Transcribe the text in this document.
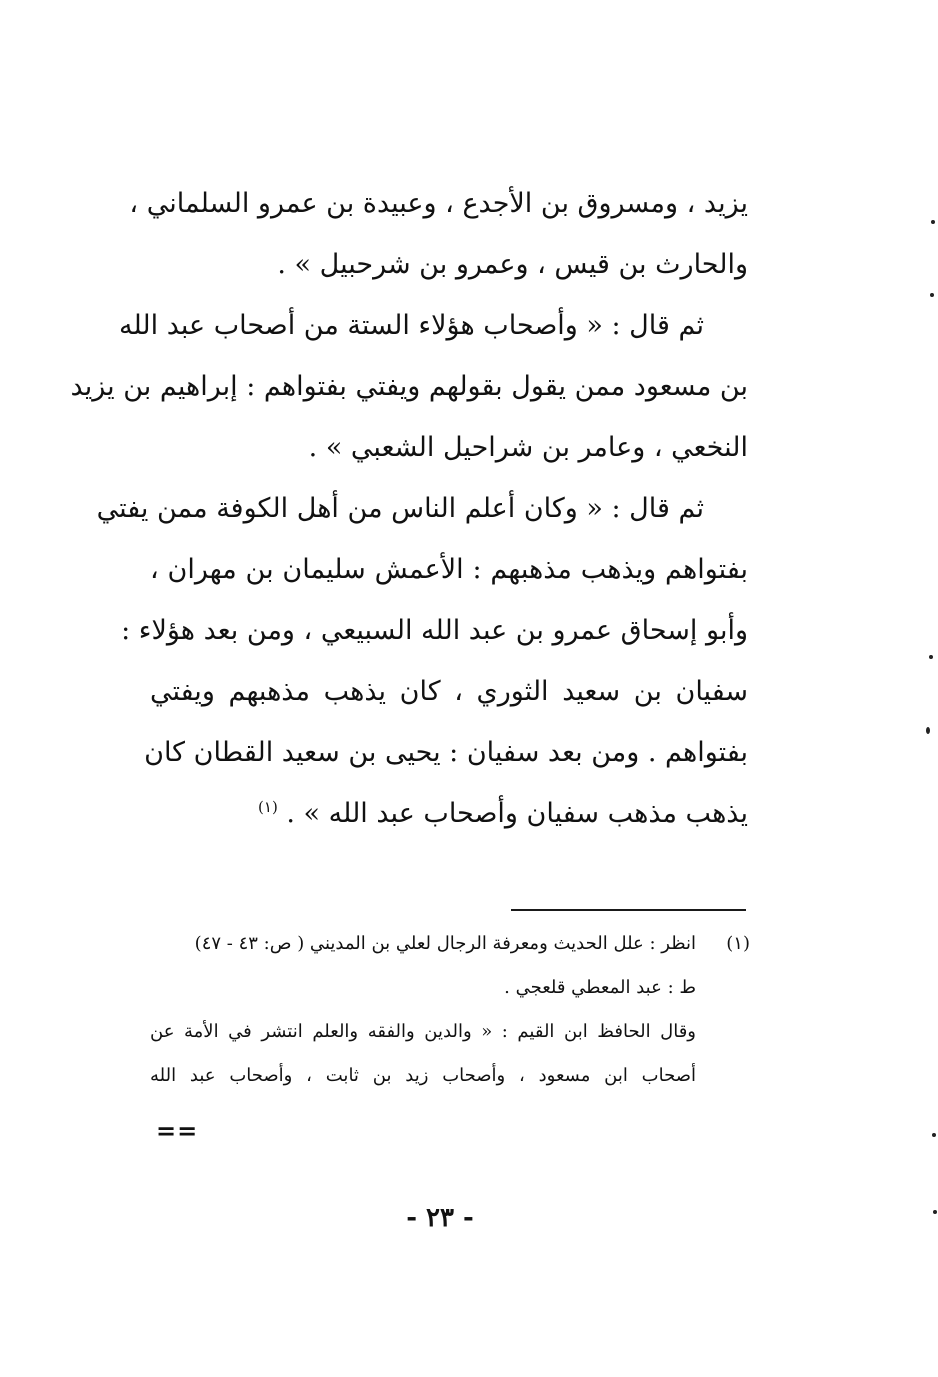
يزيد ، ومسروق بن الأجدع ، وعبيدة بن عمرو السلماني ،
والحارث بن قيس ، وعمرو بن شرحبيل » .
ثم قال : « وأصحاب هؤلاء الستة من أصحاب عبد الله
بن مسعود ممن يقول بقولهم ويفتي بفتواهم : إبراهيم بن يزيد
النخعي ، وعامر بن شراحيل الشعبي » .
ثم قال : « وكان أعلم الناس من أهل الكوفة ممن يفتي
بفتواهم ويذهب مذهبهم : الأعمش سليمان بن مهران ،
وأبو إسحاق عمرو بن عبد الله السبيعي ، ومن بعد هؤلاء :
سفيان بن سعيد الثوري ، كان يذهب مذهبهم ويفتي
بفتواهم . ومن بعد سفيان : يحيى بن سعيد القطان كان
يذهب مذهب سفيان وأصحاب عبد الله » . $^{(١)}$
(١)انظر : علل الحديث ومعرفة الرجال لعلي بن المديني ( ص: ٤٣ - ٤٧)
ط : عبد المعطي قلعجي .
وقال الحافظ ابن القيم : « والدين والفقه والعلم انتشر في الأمة عن
أصحاب ابن مسعود ، وأصحاب زيد بن ثابت ، وأصحاب عبد الله
==
- ٢٣ -
